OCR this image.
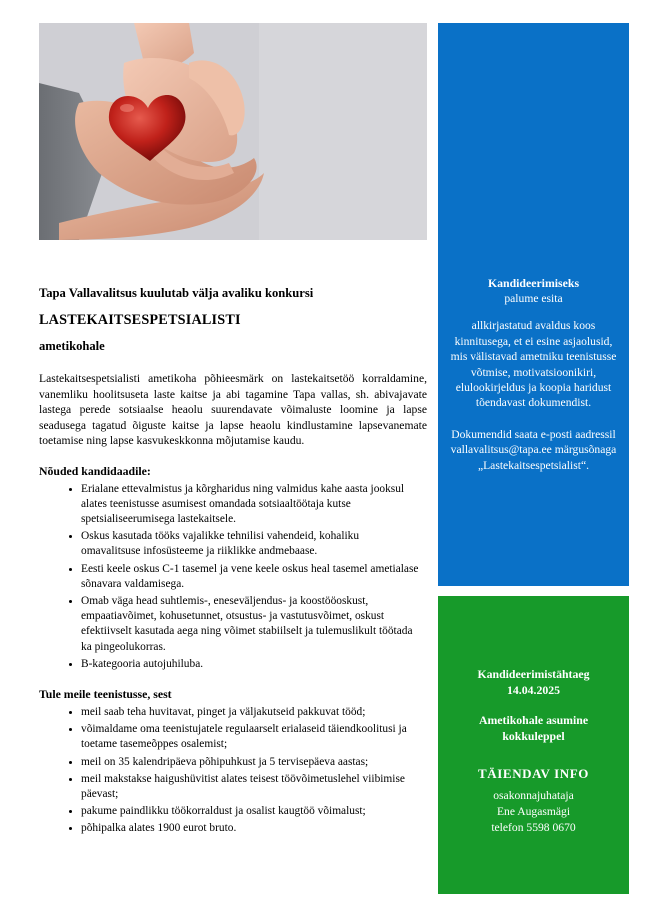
Tapa Vallavalitsus kuulutab välja avaliku konkursi

LASTEKAITSESPETSIALISTI

ametikohale

Lastekaitsespetsialisti ametikoha põhieesmärk on lastekaitsetöö korraldamine, vanemliku hoolitsuseta laste kaitse ja abi tagamine Tapa vallas, sh. abivajavate lastega perede sotsiaalse heaolu suurendavate võimaluste loomine ja lapse seadusega tagatud õiguste kaitse ja lapse heaolu kindlustamine lapsevanemate toetamise ning lapse kasvukeskkonna mõjutamise kaudu.

Nõuded kandidaadile:

• Erialane ettevalmistus ja kõrgharidus ning valmidus kahe aasta jooksul alates teenistusse asumisest omandada sotsiaaltöötaja kutse spetsialiseerumisega lastekaitsele.
• Oskus kasutada tööks vajalikke tehnilisi vahendeid, kohaliku omavalitsuse infosüsteeme ja riiklikke andmebaase.
• Eesti keele oskus C-1 tasemel ja vene keele oskus heal tasemel ametialase sõnavara valdamisega.
• Omab väga head suhtlemis-, eneseväljendus- ja koostööoskust, empaatiavõimet, kohusetunnet, otsustus- ja vastutusvõimet, oskust efektiivselt kasutada aega ning võimet stabiilselt ja tulemuslikult töötada ka pingeolukorras.
• B-kategooria autojuhiluba.

Tule meile teenistusse, sest

• meil saab teha huvitavat, pinget ja väljakutseid pakkuvat tööd;
• võimaldame oma teenistujatele regulaarselt erialaseid täiendkoolitusi ja toetame tasemeõppes osalemist;
• meil on 35 kalendripäeva põhipuhkust ja 5 tervisepäeva aastas;
• meil makstakse haigushüvitist alates teisest töövõimetuslehel viibimise päevast;
• pakume paindlikku töökorraldust ja osalist kaugtöö võimalust;
• põhipalka alates 1900 eurot bruto.
Kandideerimiseks
palume esita
allkirjastatud avaldus koos kinnitusega, et ei esine asjaolusid, mis välistavad ametniku teenistusse võtmise, motivatsioonikiri, elulookirjeldus ja koopia haridust tõendavast dokumendist.
Dokumendid saata e-posti aadressil vallavalitsus@tapa.ee märgusõnaga „Lastekaitsespetsialist“.
Kandideerimistähtaeg
14.04.2025
Ametikohale asumine kokkuleppel
TÄIENDAV INFO
osakonnajuhataja
Ene Augasmägi
telefon 5598 0670
